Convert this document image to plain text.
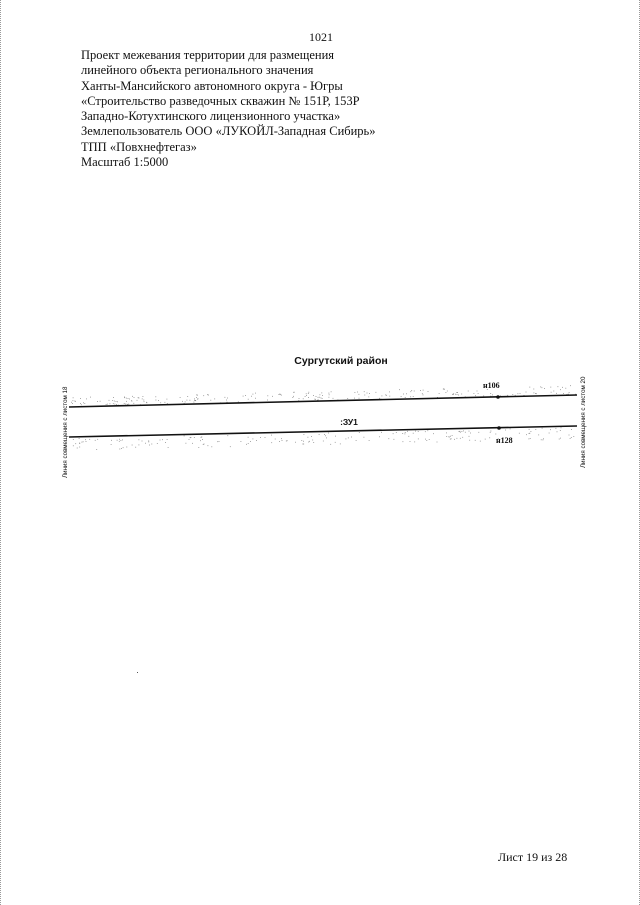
1021
Проект межевания территории для размещения
линейного объекта регионального значения
Ханты-Мансийского автономного округа - Югры
«Строительство разведочных скважин № 151Р, 153Р
Западно-Котухтинского лицензионного участка»
Землепользователь ООО «ЛУКОЙЛ-Западная Сибирь»
ТПП «Повхнефтегаз»
Масштаб 1:5000
Сургутский район
:ЗУ1
н106
н128
Линия совмещения с листом 18	Линия совмещения с листом 20
Лист 19 из 28
